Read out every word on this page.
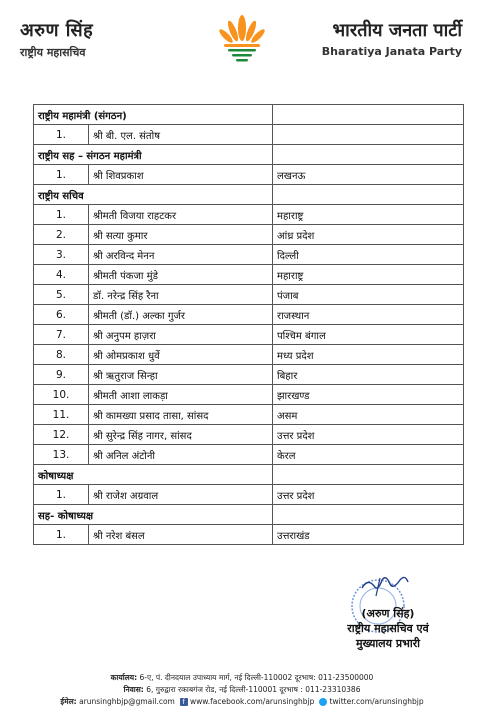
अरुण सिंह
राष्ट्रीय महासचिव
भारतीय जनता पार्टी
Bharatiya Janata Party
राष्ट्रीय महामंत्री (संगठन)		
1.	श्री बी. एल. संतोष	
राष्ट्रीय सह – संगठन महामंत्री		
1.	श्री शिवप्रकाश	लखनऊ
राष्ट्रीय सचिव		
1.	श्रीमती विजया राहटकर	महाराष्ट्र
2.	श्री सत्या कुमार	आंध्र प्रदेश
3.	श्री अरविन्द मेनन	दिल्ली
4.	श्रीमती पंकजा मुंडे	महाराष्ट्र
5.	डॉ. नरेन्द्र सिंह रैना	पंजाब
6.	श्रीमती (डॉ.) अल्का गुर्जर	राजस्थान
7.	श्री अनुपम हाज़रा	पश्चिम बंगाल
8.	श्री ओमप्रकाश धुर्वे	मध्य प्रदेश
9.	श्री ऋतुराज सिन्हा	बिहार
10.	श्रीमती आशा लाकड़ा	झारखण्ड
11.	श्री कामख्या प्रसाद तासा, सांसद	असम
12.	श्री सुरेन्द्र सिंह नागर, सांसद	उत्तर प्रदेश
13.	श्री अनिल अंटोनी	केरल
कोषाध्यक्ष		
1.	श्री राजेश अग्रवाल	उत्तर प्रदेश
सह- कोषाध्यक्ष		
1.	श्री नरेश बंसल	उत्तराखंड
(अरुण सिंह)
राष्ट्रीय महासचिव एवं
मुख्यालय प्रभारी
कार्यालय: 6-ए, पं. दीनदयाल उपाध्याय मार्ग, नई दिल्ली-110002 दूरभाष: 011-23500000
निवास: 6, गुरुद्वारा रकाबगंज रोड, नई दिल्ली-110001 दूरभाष : 011-23310386
ईमेल: arunsinghbjp@gmail.com f www.facebook.com/arunsinghbjp twitter.com/arunsinghbjp
